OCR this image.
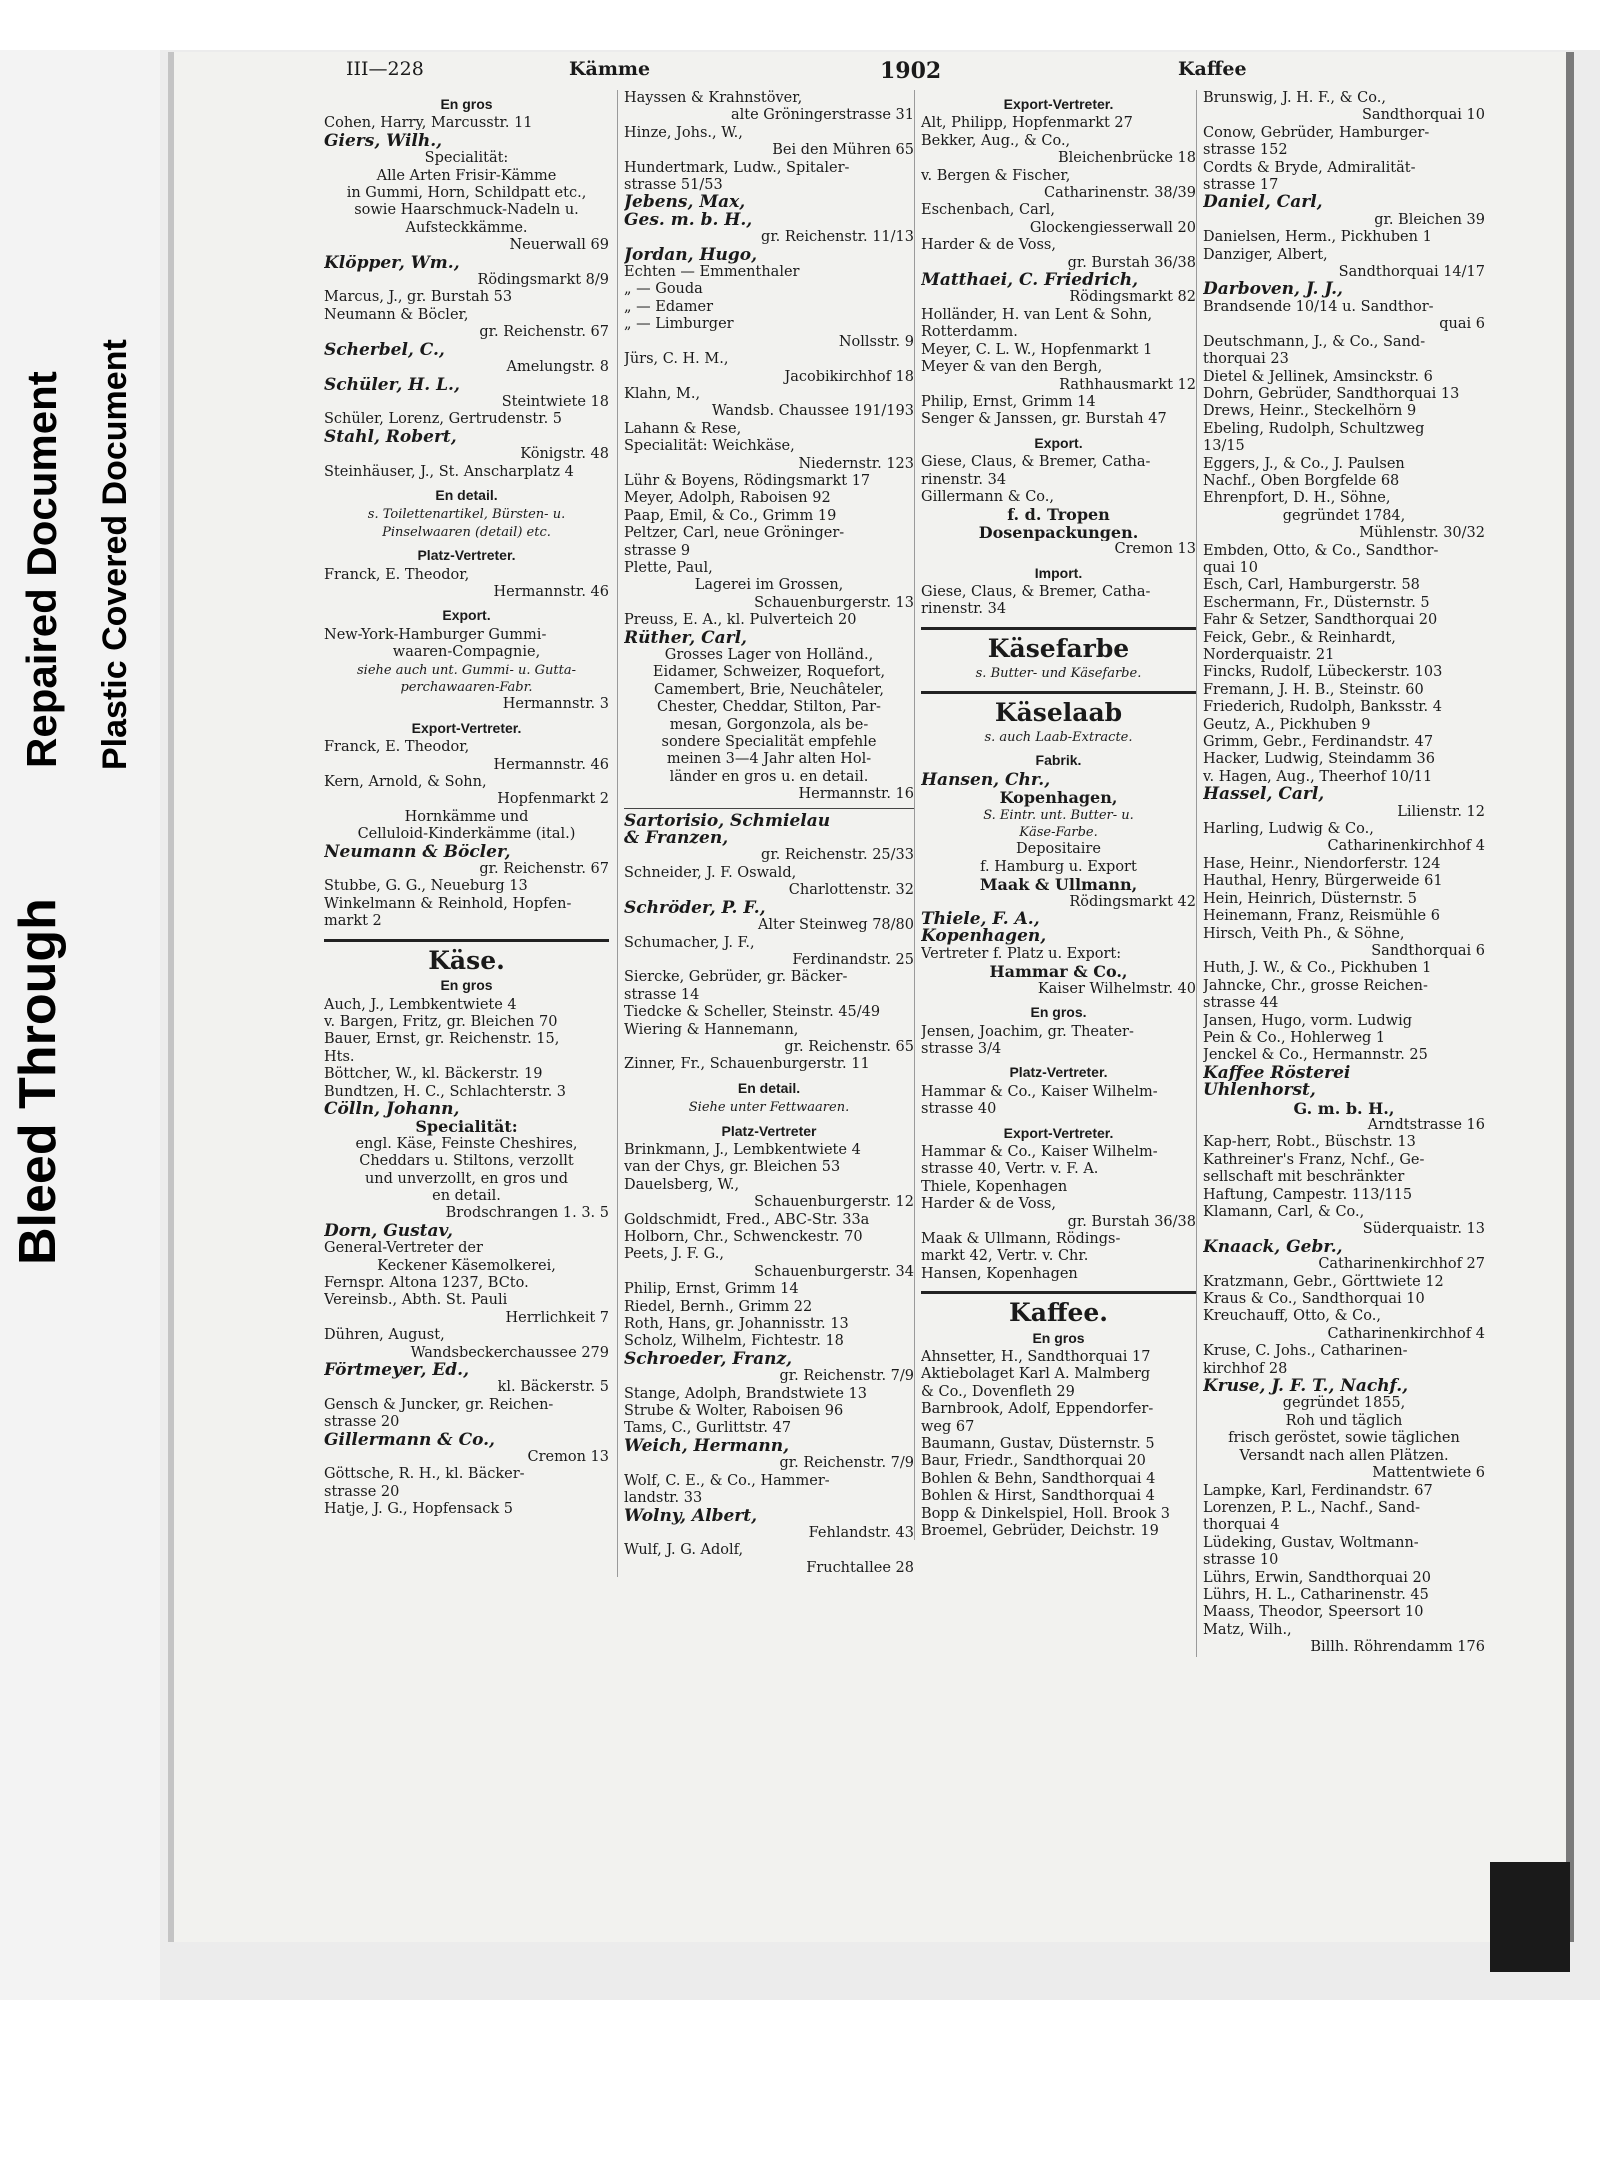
Bleed Through
Repaired Document Plastic Covered Document
III—228	Kämme	1902	Kaffee
En gros
Cohen, Harry, Marcusstr. 11
Giers, Wilh.,
Specialität:
Alle Arten Frisir-Kämme
in Gummi, Horn, Schildpatt etc.,
sowie Haarschmuck-Nadeln u.
Aufsteckkämme.
Neuerwall 69
Klöpper, Wm.,
Rödingsmarkt 8/9
Marcus, J., gr. Burstah 53
Neumann & Böcler,
gr. Reichenstr. 67
Scherbel, C.,
Amelungstr. 8
Schüler, H. L.,
Steintwiete 18
Schüler, Lorenz, Gertrudenstr. 5
Stahl, Robert,
Königstr. 48
Steinhäuser, J., St. Anscharplatz 4
En detail.
s. Toilettenartikel, Bürsten- u.
Pinselwaaren (detail) etc.
Platz-Vertreter.
Franck, E. Theodor,
Hermannstr. 46
Export.
New-York-Hamburger Gummi-
waaren-Compagnie,
siehe auch unt. Gummi- u. Gutta-
perchawaaren-Fabr.
Hermannstr. 3
Export-Vertreter.
Franck, E. Theodor,
Hermannstr. 46
Kern, Arnold, & Sohn,
Hopfenmarkt 2
Hornkämme und
Celluloid-Kinderkämme (ital.)
Neumann & Böcler,
gr. Reichenstr. 67
Stubbe, G. G., Neueburg 13
Winkelmann & Reinhold, Hopfen-
markt 2
Käse.
En gros
Auch, J., Lembkentwiete 4
v. Bargen, Fritz, gr. Bleichen 70
Bauer, Ernst, gr. Reichenstr. 15,
Hts.
Böttcher, W., kl. Bäckerstr. 19
Bundtzen, H. C., Schlachterstr. 3
Cölln, Johann,
Specialität:
engl. Käse, Feinste Cheshires,
Cheddars u. Stiltons, verzollt
und unverzollt, en gros und
en detail.
Brodschrangen 1. 3. 5
Dorn, Gustav,
General-Vertreter der
Keckener Käsemolkerei,
Fernspr. Altona 1237, BCto.
Vereinsb., Abth. St. Pauli
Herrlichkeit 7
Dühren, August,
Wandsbeckerchaussee 279
Förtmeyer, Ed.,
kl. Bäckerstr. 5
Gensch & Juncker, gr. Reichen-
strasse 20
Gillermann & Co.,
Cremon 13
Göttsche, R. H., kl. Bäcker-
strasse 20
Hatje, J. G., Hopfensack 5
Hayssen & Krahnstöver,
alte Gröningerstrasse 31
Hinze, Johs., W.,
Bei den Mühren 65
Hundertmark, Ludw., Spitaler-
strasse 51/53
Jebens, Max,
Ges. m. b. H.,
gr. Reichenstr. 11/13
Jordan, Hugo,
Echten — Emmenthaler
„ — Gouda
„ — Edamer
„ — Limburger
Nollsstr. 9
Jürs, C. H. M.,
Jacobikirchhof 18
Klahn, M.,
Wandsb. Chaussee 191/193
Lahann & Rese,
Specialität: Weichkäse,
Niedernstr. 123
Lühr & Boyens, Rödingsmarkt 17
Meyer, Adolph, Raboisen 92
Paap, Emil, & Co., Grimm 19
Peltzer, Carl, neue Gröninger-
strasse 9
Plette, Paul,
Lagerei im Grossen,
Schauenburgerstr. 13
Preuss, E. A., kl. Pulverteich 20
Rüther, Carl,
Grosses Lager von Holländ.,
Eidamer, Schweizer, Roquefort,
Camembert, Brie, Neuchâteler,
Chester, Cheddar, Stilton, Par-
mesan, Gorgonzola, als be-
sondere Specialität empfehle
meinen 3—4 Jahr alten Hol-
länder en gros u. en detail.
Hermannstr. 16
Sartorisio, Schmielau
& Franzen,
gr. Reichenstr. 25/33
Schneider, J. F. Oswald,
Charlottenstr. 32
Schröder, P. F.,
Alter Steinweg 78/80
Schumacher, J. F.,
Ferdinandstr. 25
Siercke, Gebrüder, gr. Bäcker-
strasse 14
Tiedcke & Scheller, Steinstr. 45/49
Wiering & Hannemann,
gr. Reichenstr. 65
Zinner, Fr., Schauenburgerstr. 11
En detail.
Siehe unter Fettwaaren.
Platz-Vertreter
Brinkmann, J., Lembkentwiete 4
van der Chys, gr. Bleichen 53
Dauelsberg, W.,
Schauenburgerstr. 12
Goldschmidt, Fred., ABC-Str. 33a
Holborn, Chr., Schwenckestr. 70
Peets, J. F. G.,
Schauenburgerstr. 34
Philip, Ernst, Grimm 14
Riedel, Bernh., Grimm 22
Roth, Hans, gr. Johannisstr. 13
Scholz, Wilhelm, Fichtestr. 18
Schroeder, Franz,
gr. Reichenstr. 7/9
Stange, Adolph, Brandstwiete 13
Strube & Wolter, Raboisen 96
Tams, C., Gurlittstr. 47
Weich, Hermann,
gr. Reichenstr. 7/9
Wolf, C. E., & Co., Hammer-
landstr. 33
Wolny, Albert,
Fehlandstr. 43
Wulf, J. G. Adolf,
Fruchtallee 28
Export-Vertreter.
Alt, Philipp, Hopfenmarkt 27
Bekker, Aug., & Co.,
Bleichenbrücke 18
v. Bergen & Fischer,
Catharinenstr. 38/39
Eschenbach, Carl,
Glockengiesserwall 20
Harder & de Voss,
gr. Burstah 36/38
Matthaei, C. Friedrich,
Rödingsmarkt 82
Holländer, H. van Lent & Sohn,
Rotterdamm.
Meyer, C. L. W., Hopfenmarkt 1
Meyer & van den Bergh,
Rathhausmarkt 12
Philip, Ernst, Grimm 14
Senger & Janssen, gr. Burstah 47
Export.
Giese, Claus, & Bremer, Catha-
rinenstr. 34
Gillermann & Co.,
f. d. Tropen
Dosenpackungen.
Cremon 13
Import.
Giese, Claus, & Bremer, Catha-
rinenstr. 34
Käsefarbe
s. Butter- und Käsefarbe.
Käselaab
s. auch Laab-Extracte.
Fabrik.
Hansen, Chr.,
Kopenhagen,
S. Eintr. unt. Butter- u.
Käse-Farbe.
Depositaire
f. Hamburg u. Export
Maak & Ullmann,
Rödingsmarkt 42
Thiele, F. A.,
Kopenhagen,
Vertreter f. Platz u. Export:
Hammar & Co.,
Kaiser Wilhelmstr. 40
En gros.
Jensen, Joachim, gr. Theater-
strasse 3/4
Platz-Vertreter.
Hammar & Co., Kaiser Wilhelm-
strasse 40
Export-Vertreter.
Hammar & Co., Kaiser Wilhelm-
strasse 40, Vertr. v. F. A.
Thiele, Kopenhagen
Harder & de Voss,
gr. Burstah 36/38
Maak & Ullmann, Rödings-
markt 42, Vertr. v. Chr.
Hansen, Kopenhagen
Kaffee.
En gros
Ahnsetter, H., Sandthorquai 17
Aktiebolaget Karl A. Malmberg
& Co., Dovenfleth 29
Barnbrook, Adolf, Eppendorfer-
weg 67
Baumann, Gustav, Düsternstr. 5
Baur, Friedr., Sandthorquai 20
Bohlen & Behn, Sandthorquai 4
Bohlen & Hirst, Sandthorquai 4
Bopp & Dinkelspiel, Holl. Brook 3
Broemel, Gebrüder, Deichstr. 19
Brunswig, J. H. F., & Co.,
Sandthorquai 10
Conow, Gebrüder, Hamburger-
strasse 152
Cordts & Bryde, Admiralität-
strasse 17
Daniel, Carl,
gr. Bleichen 39
Danielsen, Herm., Pickhuben 1
Danziger, Albert,
Sandthorquai 14/17
Darboven, J. J.,
Brandsende 10/14 u. Sandthor-
quai 6
Deutschmann, J., & Co., Sand-
thorquai 23
Dietel & Jellinek, Amsinckstr. 6
Dohrn, Gebrüder, Sandthorquai 13
Drews, Heinr., Steckelhörn 9
Ebeling, Rudolph, Schultzweg
13/15
Eggers, J., & Co., J. Paulsen
Nachf., Oben Borgfelde 68
Ehrenpfort, D. H., Söhne,
gegründet 1784,
Mühlenstr. 30/32
Embden, Otto, & Co., Sandthor-
quai 10
Esch, Carl, Hamburgerstr. 58
Eschermann, Fr., Düsternstr. 5
Fahr & Setzer, Sandthorquai 20
Feick, Gebr., & Reinhardt,
Norderquaistr. 21
Fincks, Rudolf, Lübeckerstr. 103
Fremann, J. H. B., Steinstr. 60
Friederich, Rudolph, Banksstr. 4
Geutz, A., Pickhuben 9
Grimm, Gebr., Ferdinandstr. 47
Hacker, Ludwig, Steindamm 36
v. Hagen, Aug., Theerhof 10/11
Hassel, Carl,
Lilienstr. 12
Harling, Ludwig & Co.,
Catharinenkirchhof 4
Hase, Heinr., Niendorferstr. 124
Hauthal, Henry, Bürgerweide 61
Hein, Heinrich, Düsternstr. 5
Heinemann, Franz, Reismühle 6
Hirsch, Veith Ph., & Söhne,
Sandthorquai 6
Huth, J. W., & Co., Pickhuben 1
Jahncke, Chr., grosse Reichen-
strasse 44
Jansen, Hugo, vorm. Ludwig
Pein & Co., Hohlerweg 1
Jenckel & Co., Hermannstr. 25
Kaffee Rösterei
Uhlenhorst,
G. m. b. H.,
Arndtstrasse 16
Kap-herr, Robt., Büschstr. 13
Kathreiner's Franz, Nchf., Ge-
sellschaft mit beschränkter
Haftung, Campestr. 113/115
Klamann, Carl, & Co.,
Süderquaistr. 13
Knaack, Gebr.,
Catharinenkirchhof 27
Kratzmann, Gebr., Görttwiete 12
Kraus & Co., Sandthorquai 10
Kreuchauff, Otto, & Co.,
Catharinenkirchhof 4
Kruse, C. Johs., Catharinen-
kirchhof 28
Kruse, J. F. T., Nachf.,
gegründet 1855,
Roh und täglich
frisch geröstet, sowie täglichen
Versandt nach allen Plätzen.
Mattentwiete 6
Lampke, Karl, Ferdinandstr. 67
Lorenzen, P. L., Nachf., Sand-
thorquai 4
Lüdeking, Gustav, Woltmann-
strasse 10
Lührs, Erwin, Sandthorquai 20
Lührs, H. L., Catharinenstr. 45
Maass, Theodor, Speersort 10
Matz, Wilh.,
Billh. Röhrendamm 176
